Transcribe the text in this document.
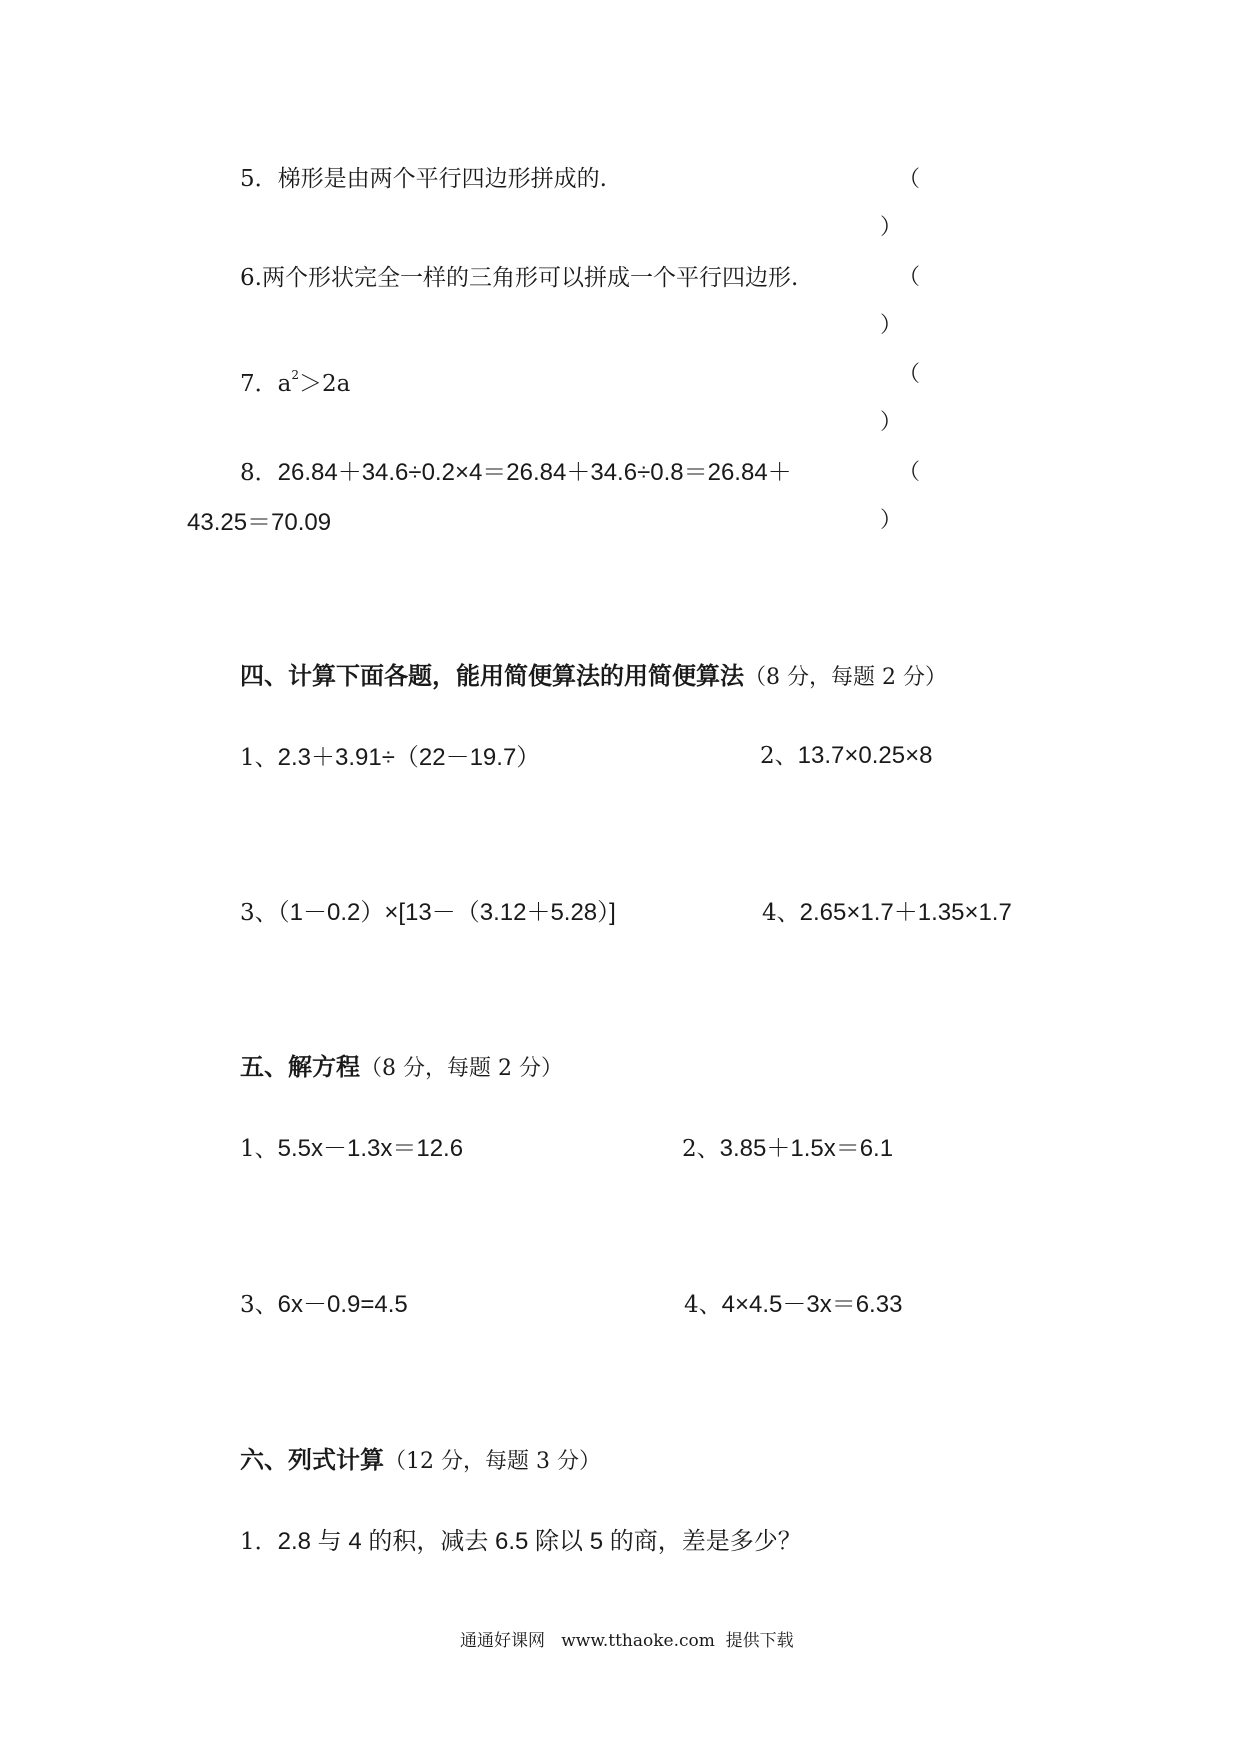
5．梯形是由两个平行四边形拼成的.	（
）
6.两个形状完全一样的三角形可以拼成一个平行四边形.	（
）
7．$a^2>2a$	（
）
8．26.84＋34.6÷0.2×4＝26.84＋34.6÷0.8＝26.84＋
43.25＝70.09
（
）
四、计算下面各题，能用简便算法的用简便算法（8 分，每题 2 分）
1、2.3＋3.91÷（22－19.7）	2、13.7×0.25×8
3、（1－0.2）×[13－（3.12＋5.28）]	4、2.65×1.7＋1.35×1.7
五、解方程（8 分，每题 2 分）
1、5.5x－1.3x＝12.6	2、3.85＋1.5x＝6.1
3、6x－0.9=4.5	4、4×4.5－3x＝6.33
六、列式计算（12 分，每题 3 分）
1．2.8 与 4 的积，减去 6.5 除以 5 的商，差是多少？
通通好课网   www.tthaoke.com  提供下载
